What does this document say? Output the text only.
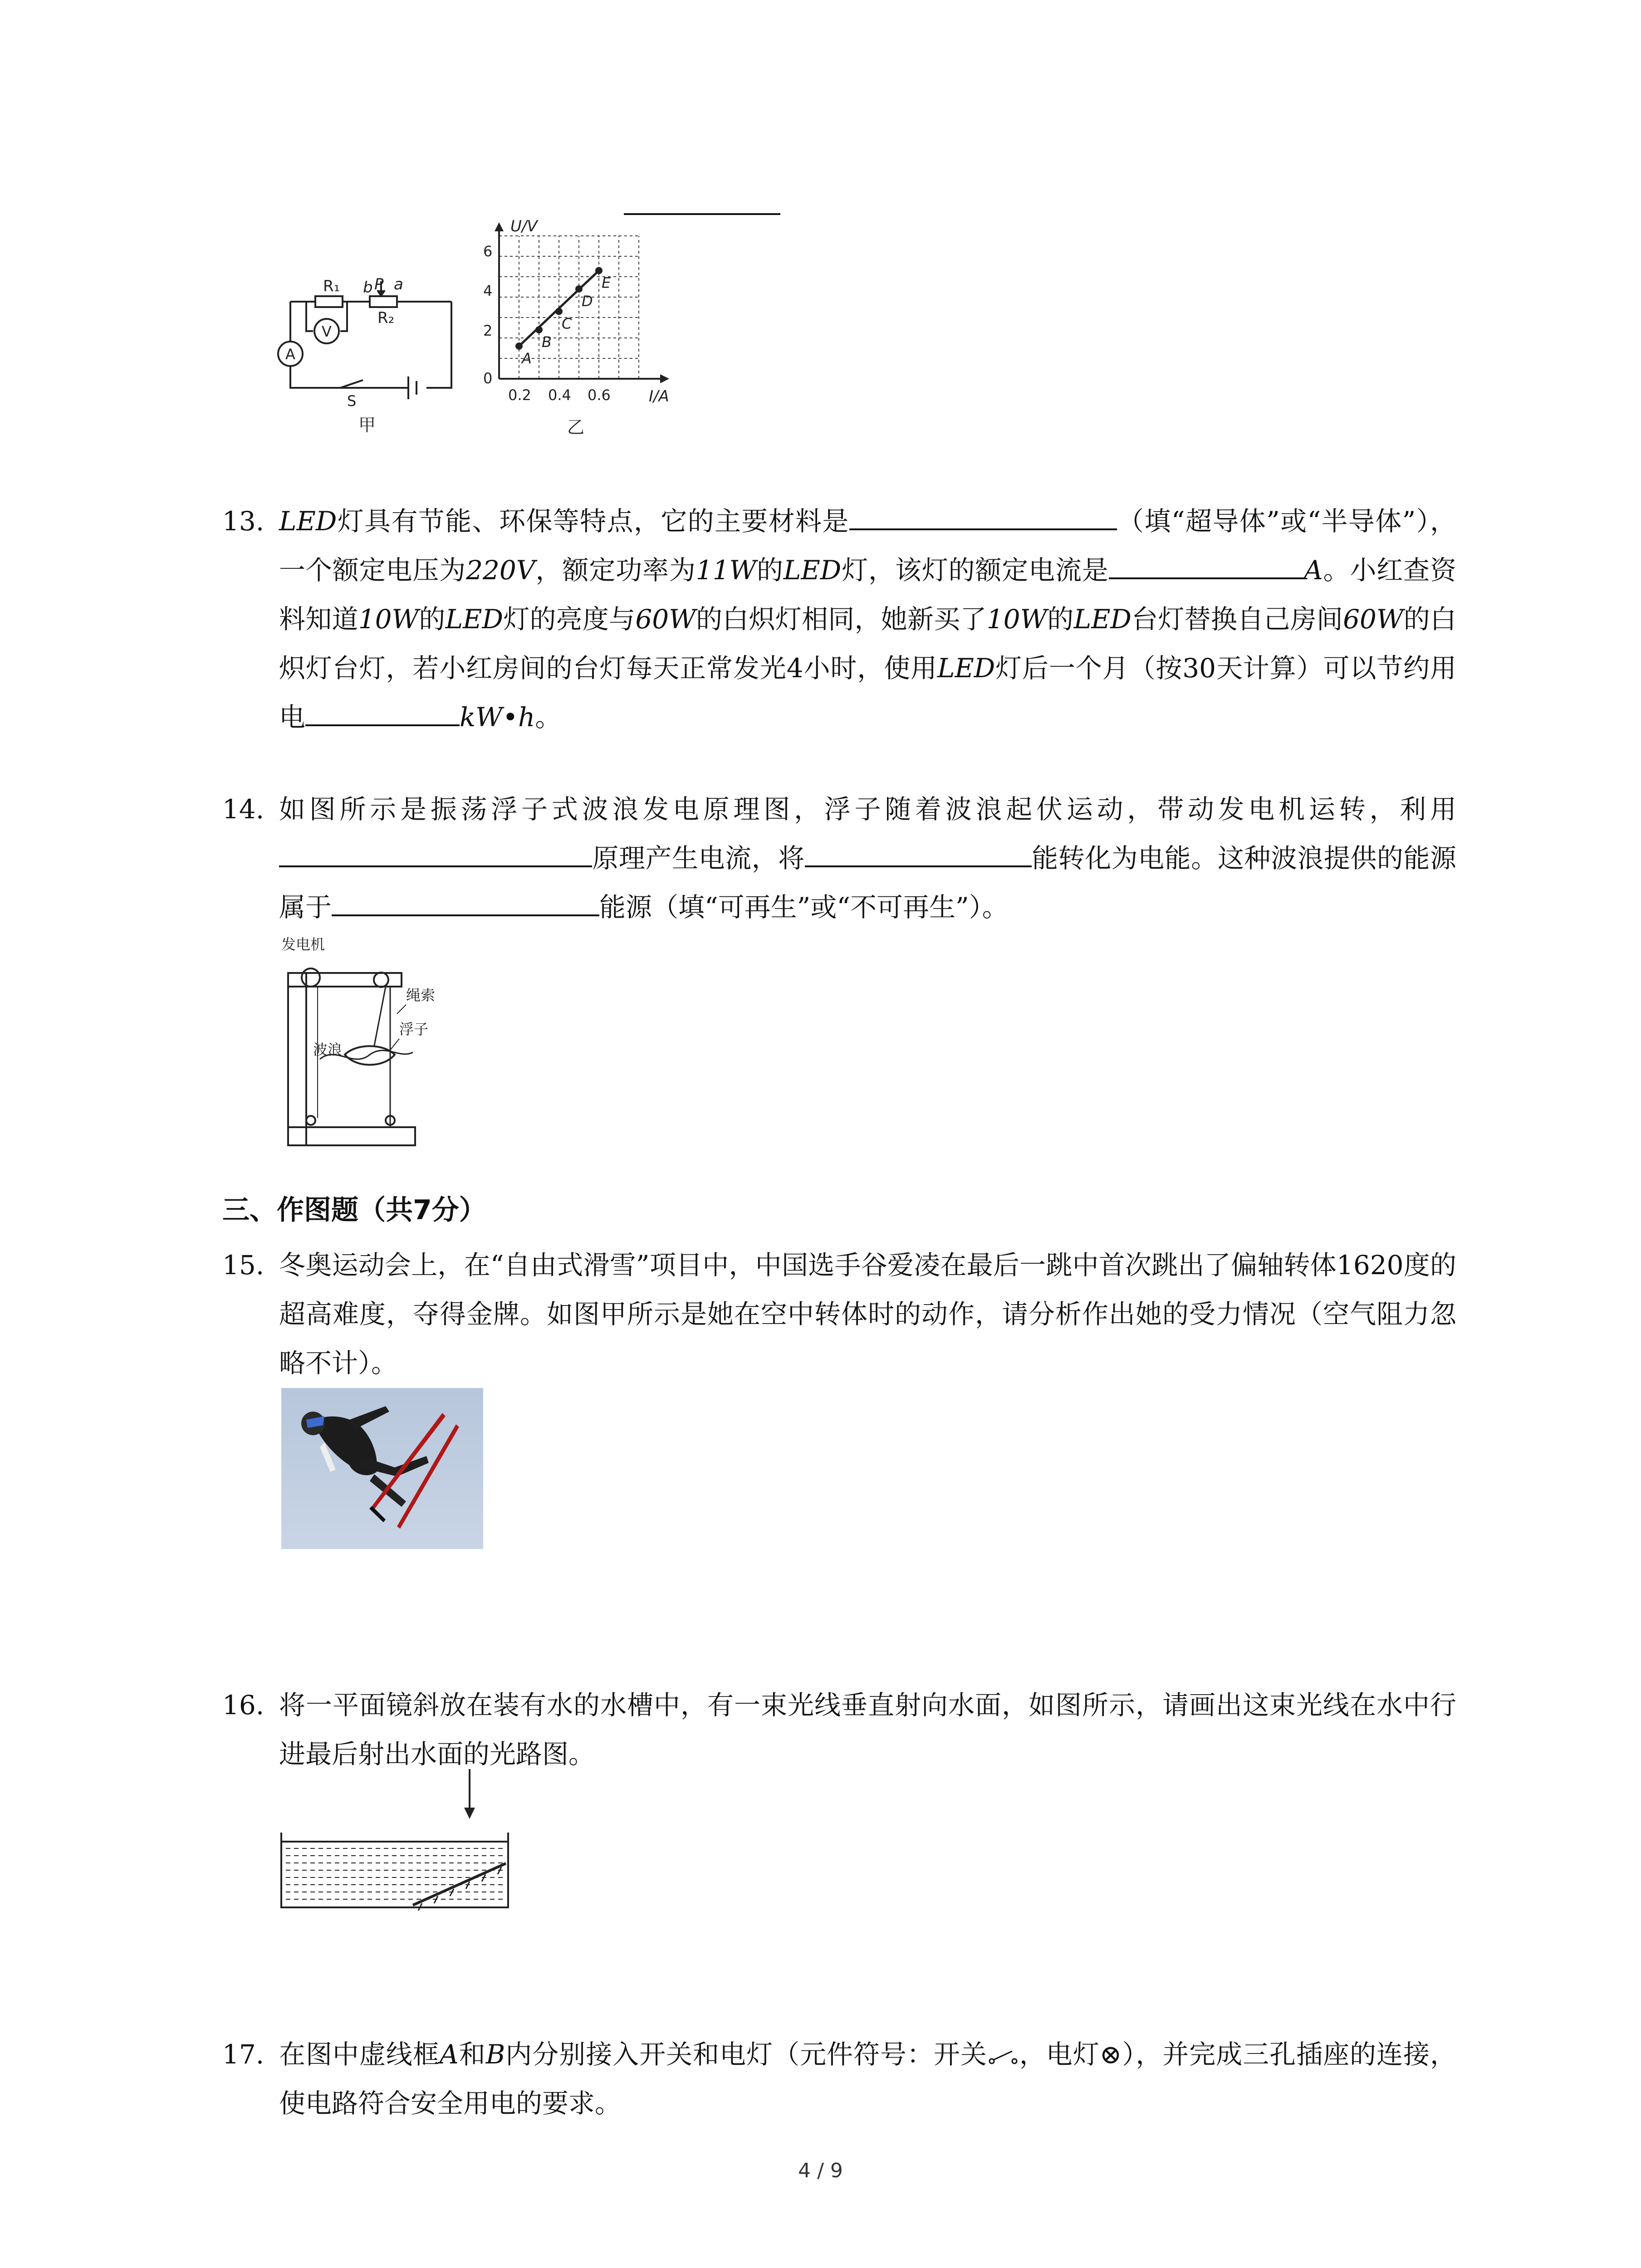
R₁
R₂
b P a
V
A
S
甲
A
B
C
D
E
U/V
I/A
0
2
4
6
0.2 0.4 0.6
乙
13. LED灯具有节能、环保等特点，它的主要材料是	（填“超导体”或“半导体”），一个额定电压为220V，额定功率为11W的LED灯，该灯的额定电流是	A。小红查资料知道10W的LED灯的亮度与60W的白炽灯相同，她新买了10W的LED台灯替换自己房间60W的白炽灯台灯，若小红房间的台灯每天正常发光4小时，使用LED灯后一个月（按30天计算）可以节约用电	kW•h。
14. 如图所示是振荡浮子式波浪发电原理图，浮子随着波浪起伏运动，带动发电机运转，利用原理产生电流，将	能转化为电能。这种波浪提供的能源属于	能源（填“可再生”或“不可再生”）。
发电机
绳索
浮子
波浪
三、作图题（共7分）
15. 冬奥运动会上，在“自由式滑雪”项目中，中国选手谷爱凌在最后一跳中首次跳出了偏轴转体1620度的超高难度，夺得金牌。如图甲所示是她在空中转体时的动作，请分析作出她的受力情况（空气阻力忽略不计）。
16. 将一平面镜斜放在装有水的水槽中，有一束光线垂直射向水面，如图所示，请画出这束光线在水中行进最后射出水面的光路图。
17. 在图中虚线框A和B内分别接入开关和电灯（元件符号：开关 ，电灯⊗），并完成三孔插座的连接，使电路符合安全用电的要求。
4 / 9
